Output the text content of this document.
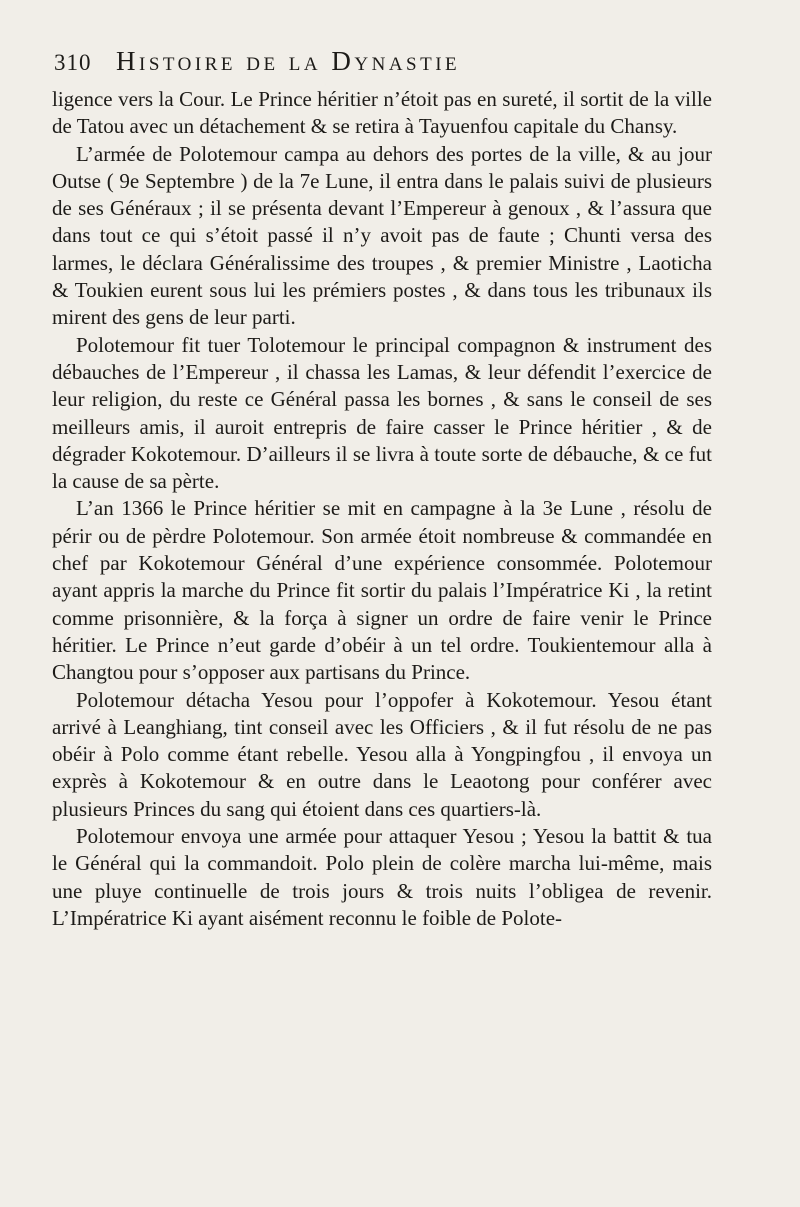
310 Histoire de la Dynastie

ligence vers la Cour. Le Prince héritier n’étoit pas en sureté, il sortit de la ville de Tatou avec un détachement & se retira à Tayuenfou capitale du Chansy.

L’armée de Polotemour campa au dehors des portes de la ville, & au jour Outse ( 9e Septembre ) de la 7e Lune, il entra dans le palais suivi de plusieurs de ses Généraux ; il se présenta devant l’Empereur à genoux , & l’assura que dans tout ce qui s’étoit passé il n’y avoit pas de faute ; Chunti versa des larmes, le déclara Généralissime des troupes , & premier Ministre , Laoticha & Toukien eurent sous lui les prémiers postes , & dans tous les tribunaux ils mirent des gens de leur parti.

Polotemour fit tuer Tolotemour le principal compagnon & instrument des débauches de l’Empereur , il chassa les Lamas, & leur défendit l’exercice de leur religion, du reste ce Général passa les bornes , & sans le conseil de ses meilleurs amis, il auroit entrepris de faire casser le Prince héritier , & de dégrader Kokotemour. D’ailleurs il se livra à toute sorte de débauche, & ce fut la cause de sa pèrte.

L’an 1366 le Prince héritier se mit en campagne à la 3e Lune , résolu de périr ou de pèrdre Polotemour. Son armée étoit nombreuse & commandée en chef par Kokotemour Général d’une expérience consommée. Polotemour ayant appris la marche du Prince fit sortir du palais l’Impératrice Ki , la retint comme prisonnière, & la força à signer un ordre de faire venir le Prince héritier. Le Prince n’eut garde d’obéir à un tel ordre. Toukientemour alla à Changtou pour s’opposer aux partisans du Prince.

Polotemour détacha Yesou pour l’oppofer à Kokotemour. Yesou étant arrivé à Leanghiang, tint conseil avec les Officiers , & il fut résolu de ne pas obéir à Polo comme étant rebelle. Yesou alla à Yongpingfou , il envoya un exprès à Kokotemour & en outre dans le Leaotong pour conférer avec plusieurs Princes du sang qui étoient dans ces quartiers-là.

Polotemour envoya une armée pour attaquer Yesou ; Yesou la battit & tua le Général qui la commandoit. Polo plein de colère marcha lui-même, mais une pluye continuelle de trois jours & trois nuits l’obligea de revenir. L’Impératrice Ki ayant aisément reconnu le foible de Polote-
